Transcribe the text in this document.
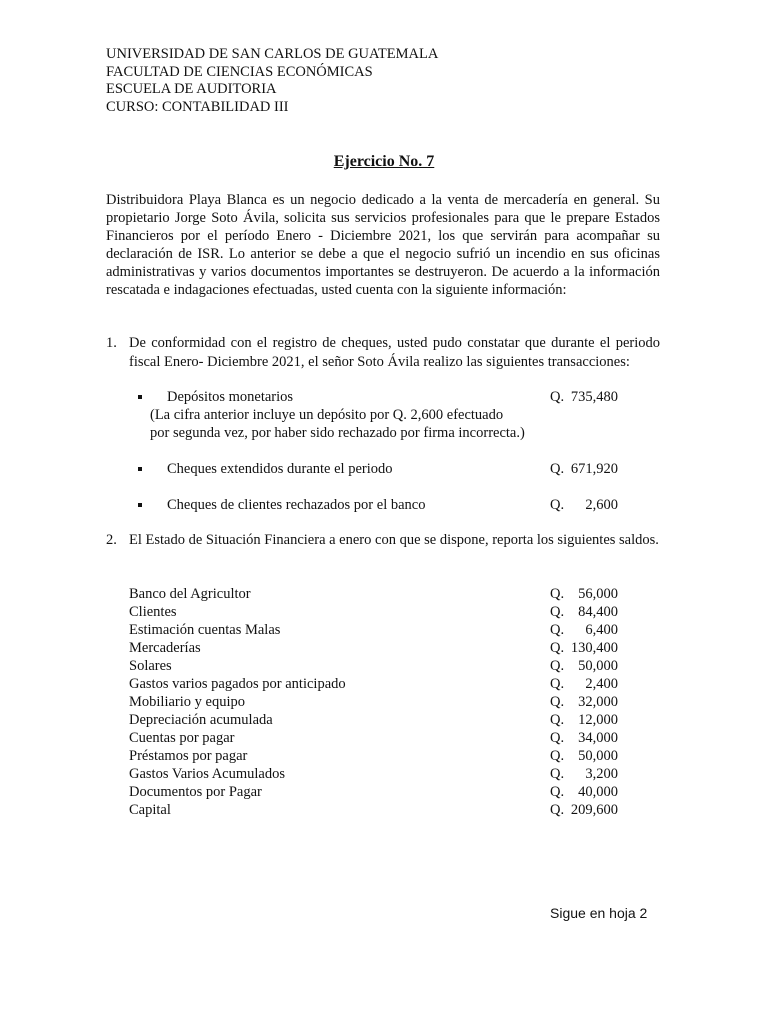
UNIVERSIDAD DE SAN CARLOS DE GUATEMALA
FACULTAD DE CIENCIAS ECONÓMICAS
ESCUELA DE AUDITORIA
CURSO: CONTABILIDAD III
Ejercicio No. 7
Distribuidora Playa Blanca es un negocio dedicado a la venta de mercadería en general. Su propietario Jorge Soto Ávila, solicita sus servicios profesionales para que le prepare Estados Financieros por el período Enero - Diciembre 2021, los que servirán para acompañar su declaración de ISR. Lo anterior se debe a que el negocio sufrió un incendio en sus oficinas administrativas y varios documentos importantes se destruyeron. De acuerdo a la información rescatada e indagaciones efectuadas, usted cuenta con la siguiente información:
1. De conformidad con el registro de cheques, usted pudo constatar que durante el periodo fiscal Enero- Diciembre 2021, el señor Soto Ávila realizo las siguientes transacciones:
Depósitos monetarios	Q. 735,480
(La cifra anterior incluye un depósito por Q. 2,600 efectuado
por segunda vez, por haber sido rechazado por firma incorrecta.)
Cheques extendidos durante el periodo	Q. 671,920
Cheques de clientes rechazados por el banco	Q. 2,600
2. El Estado de Situación Financiera a enero con que se dispone, reporta los siguientes saldos.
Banco del Agricultor	Q. 56,000
Clientes	Q. 84,400
Estimación cuentas Malas	Q. 6,400
Mercaderías	Q. 130,400
Solares	Q. 50,000
Gastos varios pagados por anticipado	Q. 2,400
Mobiliario y equipo	Q. 32,000
Depreciación acumulada	Q. 12,000
Cuentas por pagar	Q. 34,000
Préstamos por pagar	Q. 50,000
Gastos Varios Acumulados	Q. 3,200
Documentos por Pagar	Q. 40,000
Capital	Q. 209,600
Sigue en hoja 2
